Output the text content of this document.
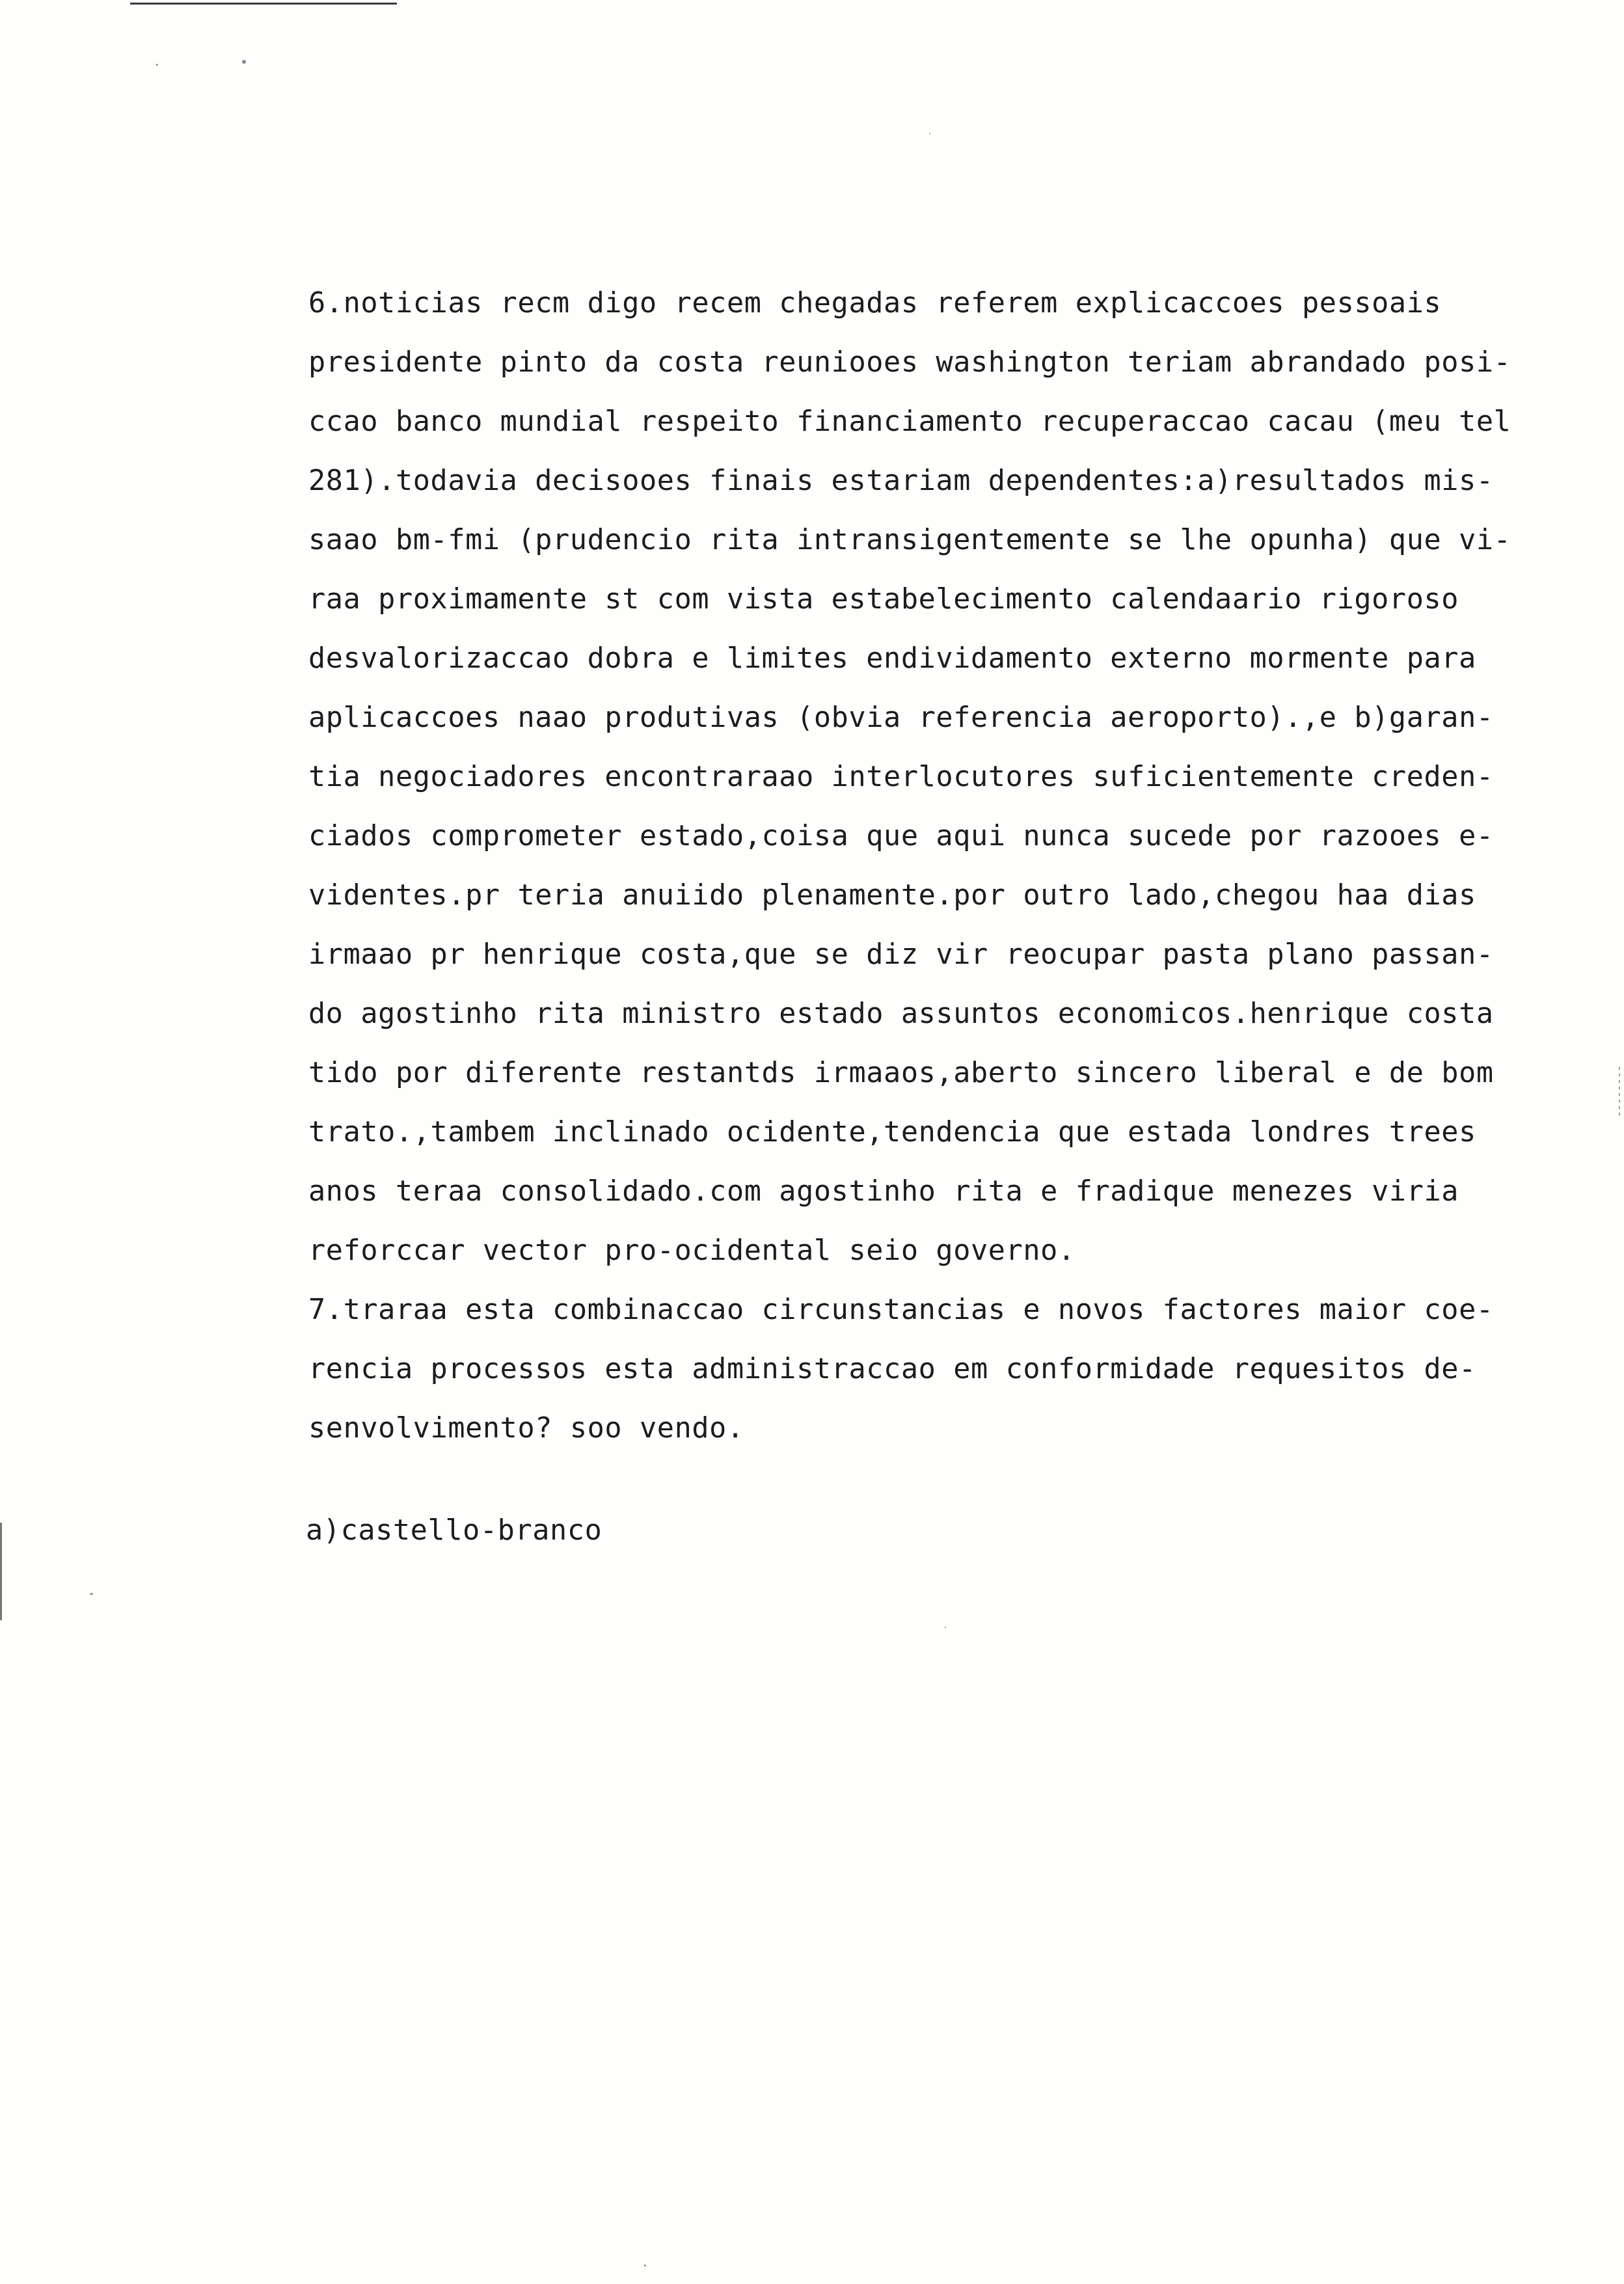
6.noticias recm digo recem chegadas referem explicaccoes pessoais
presidente pinto da costa reuniooes washington teriam abrandado posi-
ccao banco mundial respeito financiamento recuperaccao cacau (meu tel
281).todavia decisooes finais estariam dependentes:a)resultados mis-
saao bm-fmi (prudencio rita intransigentemente se lhe opunha) que vi-
raa proximamente st com vista estabelecimento calendaario rigoroso
desvalorizaccao dobra e limites endividamento externo mormente para
aplicaccoes naao produtivas (obvia referencia aeroporto).,e b)garan-
tia negociadores encontraraao interlocutores suficientemente creden-
ciados comprometer estado,coisa que aqui nunca sucede por razooes e-
videntes.pr teria anuiido plenamente.por outro lado,chegou haa dias
irmaao pr henrique costa,que se diz vir reocupar pasta plano passan-
do agostinho rita ministro estado assuntos economicos.henrique costa
tido por diferente restantds irmaaos,aberto sincero liberal e de bom
trato.,tambem inclinado ocidente,tendencia que estada londres trees
anos teraa consolidado.com agostinho rita e fradique menezes viria
reforccar vector pro-ocidental seio governo.
7.traraa esta combinaccao circunstancias e novos factores maior coe-
rencia processos esta administraccao em conformidade requesitos de-
senvolvimento? soo vendo.
a)castello-branco
